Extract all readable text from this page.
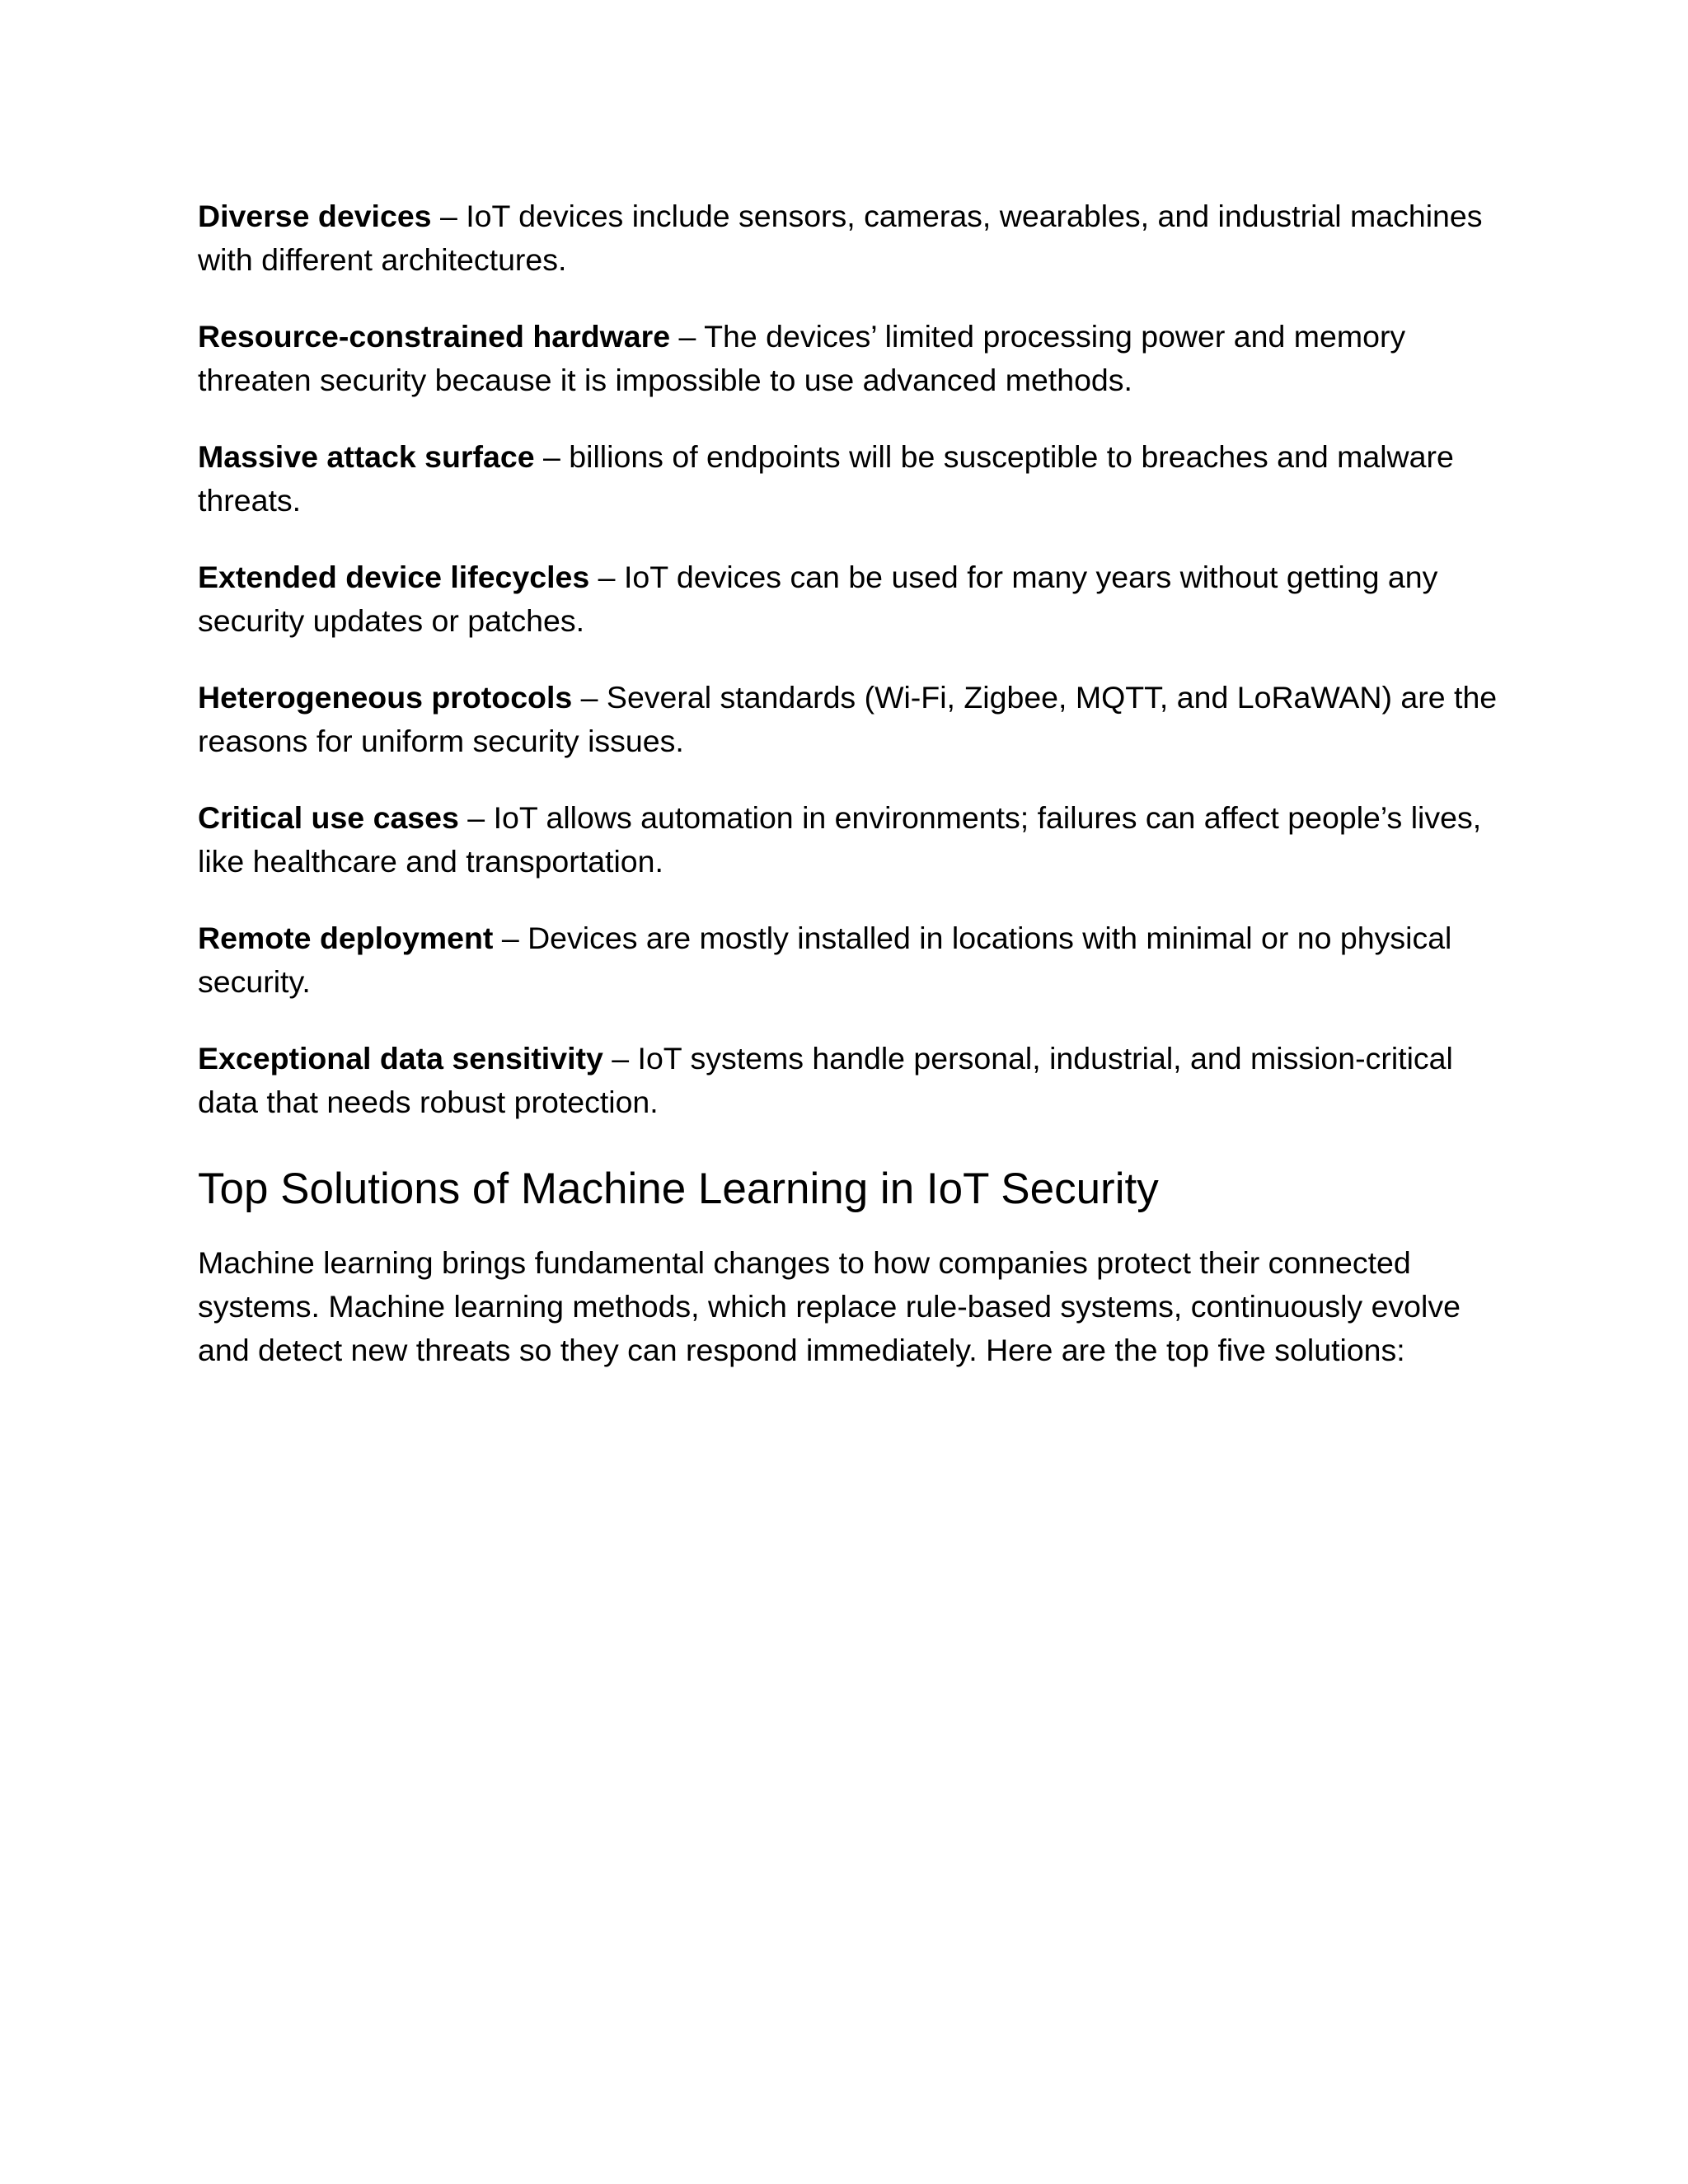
Diverse devices – IoT devices include sensors, cameras, wearables, and industrial machines with different architectures.

Resource-constrained hardware – The devices’ limited processing power and memory threaten security because it is impossible to use advanced methods.

Massive attack surface – billions of endpoints will be susceptible to breaches and malware threats.

Extended device lifecycles – IoT devices can be used for many years without getting any security updates or patches.

Heterogeneous protocols – Several standards (Wi-Fi, Zigbee, MQTT, and LoRaWAN) are the reasons for uniform security issues.

Critical use cases – IoT allows automation in environments; failures can affect people’s lives, like healthcare and transportation.

Remote deployment – Devices are mostly installed in locations with minimal or no physical security.

Exceptional data sensitivity – IoT systems handle personal, industrial, and mission-critical data that needs robust protection.

Top Solutions of Machine Learning in IoT Security

Machine learning brings fundamental changes to how companies protect their connected systems. Machine learning methods, which replace rule-based systems, continuously evolve and detect new threats so they can respond immediately. Here are the top five solutions:
